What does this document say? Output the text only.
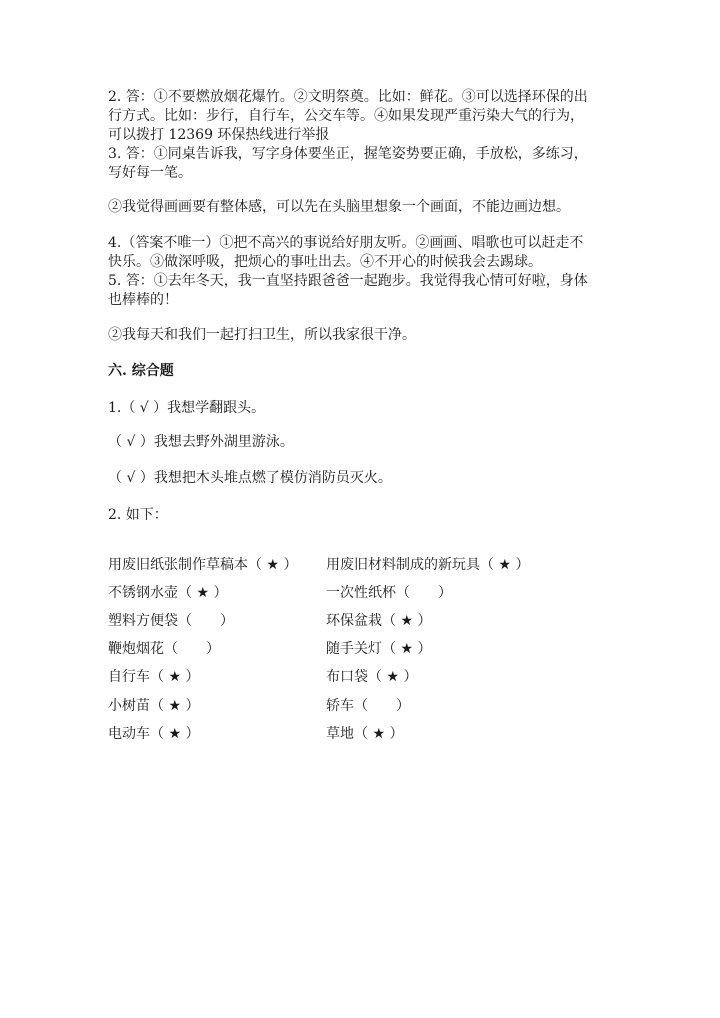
2. 答：①不要燃放烟花爆竹。②文明祭奠。比如：鲜花。③可以选择环保的出
行方式。比如：步行，自行车，公交车等。④如果发现严重污染大气的行为，
可以拨打 12369 环保热线进行举报
3. 答：①同桌告诉我，写字身体要坐正，握笔姿势要正确，手放松，多练习，
写好每一笔。
②我觉得画画要有整体感，可以先在头脑里想象一个画面，不能边画边想。
4.（答案不唯一）①把不高兴的事说给好朋友听。②画画、唱歌也可以赶走不
快乐。③做深呼吸，把烦心的事吐出去。④不开心的时候我会去踢球。
5. 答：①去年冬天，我一直坚持跟爸爸一起跑步。我觉得我心情可好啦，身体
也棒棒的！
②我每天和我们一起打扫卫生，所以我家很干净。
六. 综合题
1.（ √ ）我想学翻跟头。
（ √ ）我想去野外湖里游泳。
（ √ ）我想把木头堆点燃了模仿消防员灭火。
2. 如下：
用废旧纸张制作草稿本（ ★ ）
不锈钢水壶（ ★ ）
塑料方便袋（　　）
鞭炮烟花（　　）
自行车（ ★ ）
小树苗（ ★ ）
电动车（ ★ ）
用废旧材料制成的新玩具（ ★ ）
一次性纸杯（　　）
环保盆栽（ ★ ）
随手关灯（ ★ ）
布口袋（ ★ ）
轿车（　　）
草地（ ★ ）
